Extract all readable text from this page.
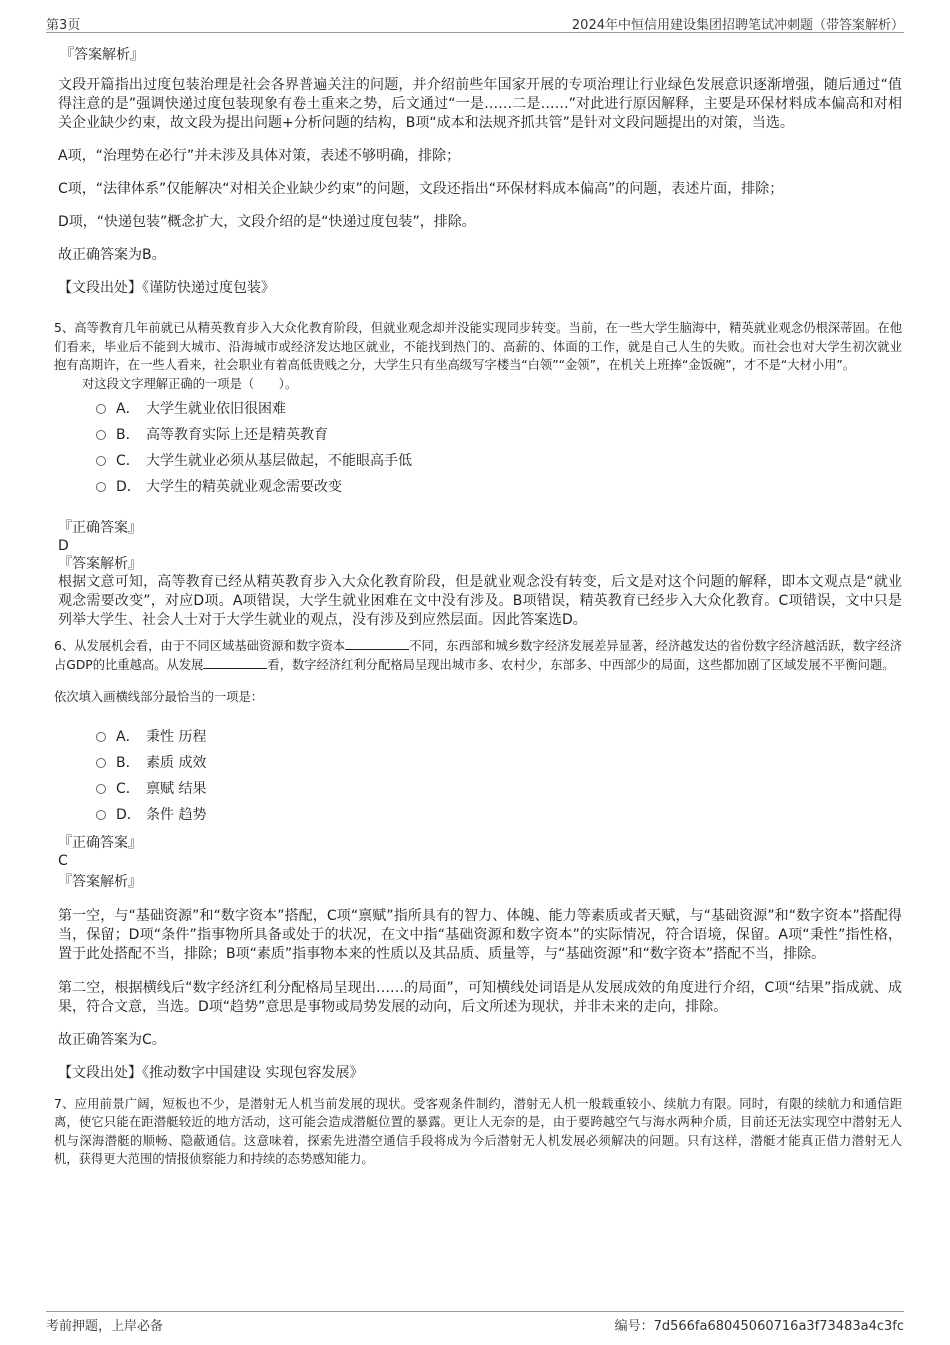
第3页	2024年中恒信用建设集团招聘笔试冲刺题（带答案解析）

『答案解析』

文段开篇指出过度包装治理是社会各界普遍关注的问题，并介绍前些年国家开展的专项治理让行业绿色发展意识逐渐增强，随后通过“值得注意的是”强调快递过度包装现象有卷土重来之势，后文通过“一是……二是……”对此进行原因解释，主要是环保材料成本偏高和对相关企业缺少约束，故文段为提出问题+分析问题的结构，B项“成本和法规齐抓共管”是针对文段问题提出的对策，当选。

A项，“治理势在必行”并未涉及具体对策，表述不够明确，排除；

C项，“法律体系”仅能解决“对相关企业缺少约束”的问题，文段还指出“环保材料成本偏高”的问题，表述片面，排除；

D项，“快递包装”概念扩大，文段介绍的是“快递过度包装”，排除。

故正确答案为B。

【文段出处】《谨防快递过度包装》

5、高等教育几年前就已从精英教育步入大众化教育阶段，但就业观念却并没能实现同步转变。当前，在一些大学生脑海中，精英就业观念仍根深蒂固。在他们看来，毕业后不能到大城市、沿海城市或经济发达地区就业，不能找到热门的、高薪的、体面的工作，就是自己人生的失败。而社会也对大学生初次就业抱有高期许，在一些人看来，社会职业有着高低贵贱之分，大学生只有坐高级写字楼当“白领”“金领”，在机关上班捧“金饭碗”，才不是“大材小用”。

对这段文字理解正确的一项是（　　）。

A． 大学生就业依旧很困难
B． 高等教育实际上还是精英教育
C． 大学生就业必须从基层做起，不能眼高手低
D． 大学生的精英就业观念需要改变

『正确答案』

D

『答案解析』

根据文意可知，高等教育已经从精英教育步入大众化教育阶段，但是就业观念没有转变，后文是对这个问题的解释，即本文观点是“就业观念需要改变”，对应D项。A项错误，大学生就业困难在文中没有涉及。B项错误，精英教育已经步入大众化教育。C项错误，文中只是列举大学生、社会人士对于大学生就业的观点，没有涉及到应然层面。因此答案选D。

6、从发展机会看，由于不同区域基础资源和数字资本	不同，东西部和城乡数字经济发展差异显著，经济越发达的省份数字经济越活跃，数字经济占GDP的比重越高。从发展	看，数字经济红利分配格局呈现出城市多、农村少，东部多、中西部少的局面，这些都加剧了区域发展不平衡问题。

依次填入画横线部分最恰当的一项是：

A． 秉性 历程
B． 素质 成效
C． 禀赋 结果
D． 条件 趋势

『正确答案』

C

『答案解析』

第一空，与“基础资源”和“数字资本”搭配，C项“禀赋”指所具有的智力、体魄、能力等素质或者天赋，与“基础资源”和“数字资本”搭配得当，保留；D项“条件”指事物所具备或处于的状况，在文中指“基础资源和数字资本”的实际情况，符合语境，保留。A项“秉性”指性格，置于此处搭配不当，排除；B项“素质”指事物本来的性质以及其品质、质量等，与“基础资源”和“数字资本”搭配不当，排除。

第二空，根据横线后“数字经济红利分配格局呈现出……的局面”，可知横线处词语是从发展成效的角度进行介绍，C项“结果”指成就、成果，符合文意，当选。D项“趋势”意思是事物或局势发展的动向，后文所述为现状，并非未来的走向，排除。

故正确答案为C。

【文段出处】《推动数字中国建设 实现包容发展》

7、应用前景广阔，短板也不少，是潜射无人机当前发展的现状。受客观条件制约，潜射无人机一般载重较小、续航力有限。同时，有限的续航力和通信距离，使它只能在距潜艇较近的地方活动，这可能会造成潜艇位置的暴露。更让人无奈的是，由于要跨越空气与海水两种介质，目前还无法实现空中潜射无人机与深海潜艇的顺畅、隐蔽通信。这意味着，探索先进潜空通信手段将成为今后潜射无人机发展必须解决的问题。只有这样，潜艇才能真正借力潜射无人机，获得更大范围的情报侦察能力和持续的态势感知能力。

考前押题，上岸必备	编号：7d566fa68045060716a3f73483a4c3fc
